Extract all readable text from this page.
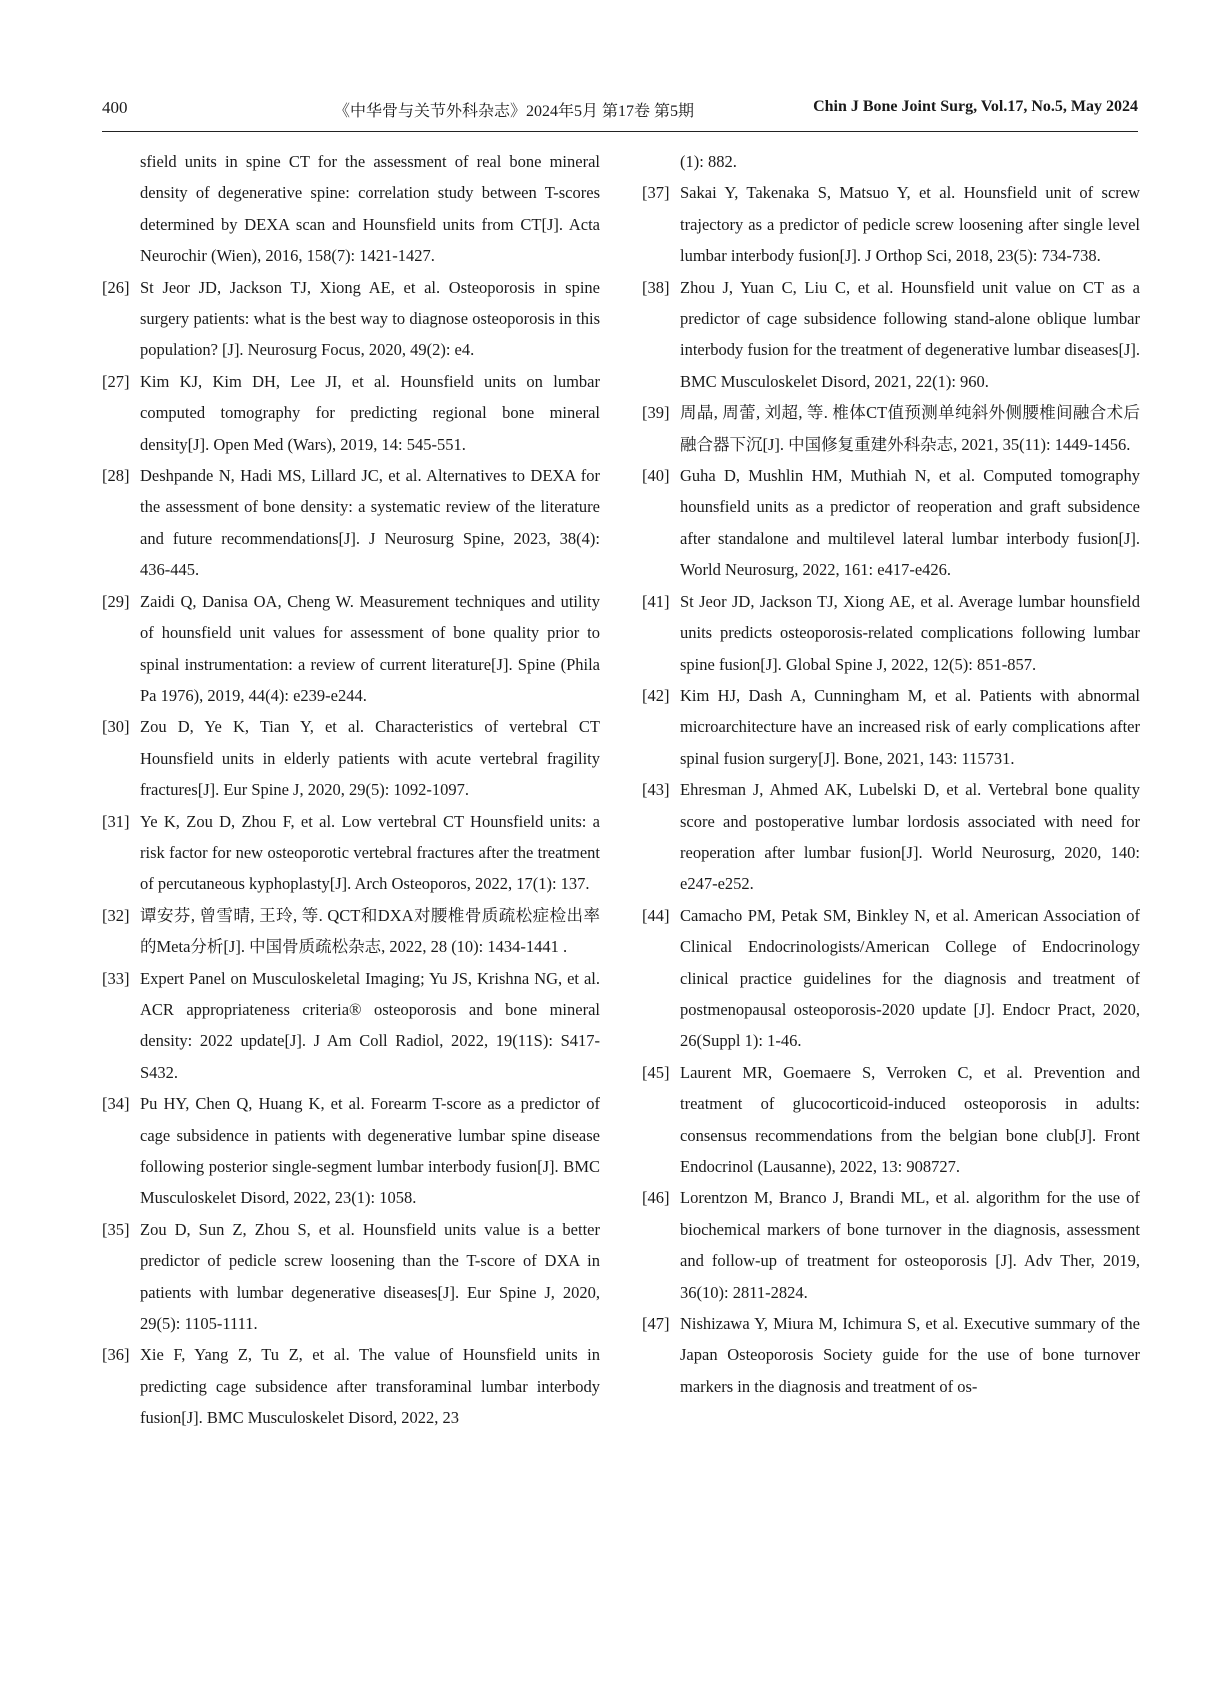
400	《中华骨与关节外科杂志》2024年5月 第17卷 第5期	Chin J Bone Joint Surg, Vol.17, No.5, May 2024
sfield units in spine CT for the assessment of real bone mineral density of degenerative spine: correlation study between T-scores determined by DEXA scan and Hounsfield units from CT[J]. Acta Neurochir (Wien), 2016, 158(7): 1421-1427.
[26] St Jeor JD, Jackson TJ, Xiong AE, et al. Osteoporosis in spine surgery patients: what is the best way to diagnose osteoporosis in this population? [J]. Neurosurg Focus, 2020, 49(2): e4.
[27] Kim KJ, Kim DH, Lee JI, et al. Hounsfield units on lumbar computed tomography for predicting regional bone mineral density[J]. Open Med (Wars), 2019, 14: 545-551.
[28] Deshpande N, Hadi MS, Lillard JC, et al. Alternatives to DEXA for the assessment of bone density: a systematic review of the literature and future recommendations[J]. J Neurosurg Spine, 2023, 38(4): 436-445.
[29] Zaidi Q, Danisa OA, Cheng W. Measurement techniques and utility of hounsfield unit values for assessment of bone quality prior to spinal instrumentation: a review of current literature[J]. Spine (Phila Pa 1976), 2019, 44(4): e239-e244.
[30] Zou D, Ye K, Tian Y, et al. Characteristics of vertebral CT Hounsfield units in elderly patients with acute vertebral fragility fractures[J]. Eur Spine J, 2020, 29(5): 1092-1097.
[31] Ye K, Zou D, Zhou F, et al. Low vertebral CT Hounsfield units: a risk factor for new osteoporotic vertebral fractures after the treatment of percutaneous kyphoplasty[J]. Arch Osteoporos, 2022, 17(1): 137.
[32] 谭安芬, 曾雪晴, 王玲, 等. QCT和DXA对腰椎骨质疏松症检出率的Meta分析[J]. 中国骨质疏松杂志, 2022, 28 (10): 1434-1441 .
[33] Expert Panel on Musculoskeletal Imaging; Yu JS, Krishna NG, et al. ACR appropriateness criteria® osteoporosis and bone mineral density: 2022 update[J]. J Am Coll Radiol, 2022, 19(11S): S417-S432.
[34] Pu HY, Chen Q, Huang K, et al. Forearm T-score as a predictor of cage subsidence in patients with degenerative lumbar spine disease following posterior single-segment lumbar interbody fusion[J]. BMC Musculoskelet Disord, 2022, 23(1): 1058.
[35] Zou D, Sun Z, Zhou S, et al. Hounsfield units value is a better predictor of pedicle screw loosening than the T-score of DXA in patients with lumbar degenerative diseases[J]. Eur Spine J, 2020, 29(5): 1105-1111.
[36] Xie F, Yang Z, Tu Z, et al. The value of Hounsfield units in predicting cage subsidence after transforaminal lumbar interbody fusion[J]. BMC Musculoskelet Disord, 2022, 23
(1): 882.
[37] Sakai Y, Takenaka S, Matsuo Y, et al. Hounsfield unit of screw trajectory as a predictor of pedicle screw loosening after single level lumbar interbody fusion[J]. J Orthop Sci, 2018, 23(5): 734-738.
[38] Zhou J, Yuan C, Liu C, et al. Hounsfield unit value on CT as a predictor of cage subsidence following stand-alone oblique lumbar interbody fusion for the treatment of degenerative lumbar diseases[J]. BMC Musculoskelet Disord, 2021, 22(1): 960.
[39] 周晶, 周蕾, 刘超, 等. 椎体CT值预测单纯斜外侧腰椎间融合术后融合器下沉[J]. 中国修复重建外科杂志, 2021, 35(11): 1449-1456.
[40] Guha D, Mushlin HM, Muthiah N, et al. Computed tomography hounsfield units as a predictor of reoperation and graft subsidence after standalone and multilevel lateral lumbar interbody fusion[J]. World Neurosurg, 2022, 161: e417-e426.
[41] St Jeor JD, Jackson TJ, Xiong AE, et al. Average lumbar hounsfield units predicts osteoporosis-related complications following lumbar spine fusion[J]. Global Spine J, 2022, 12(5): 851-857.
[42] Kim HJ, Dash A, Cunningham M, et al. Patients with abnormal microarchitecture have an increased risk of early complications after spinal fusion surgery[J]. Bone, 2021, 143: 115731.
[43] Ehresman J, Ahmed AK, Lubelski D, et al. Vertebral bone quality score and postoperative lumbar lordosis associated with need for reoperation after lumbar fusion[J]. World Neurosurg, 2020, 140: e247-e252.
[44] Camacho PM, Petak SM, Binkley N, et al. American Association of Clinical Endocrinologists/American College of Endocrinology clinical practice guidelines for the diagnosis and treatment of postmenopausal osteoporosis-2020 update [J]. Endocr Pract, 2020, 26(Suppl 1): 1-46.
[45] Laurent MR, Goemaere S, Verroken C, et al. Prevention and treatment of glucocorticoid-induced osteoporosis in adults: consensus recommendations from the belgian bone club[J]. Front Endocrinol (Lausanne), 2022, 13: 908727.
[46] Lorentzon M, Branco J, Brandi ML, et al. algorithm for the use of biochemical markers of bone turnover in the diagnosis, assessment and follow-up of treatment for osteoporosis [J]. Adv Ther, 2019, 36(10): 2811-2824.
[47] Nishizawa Y, Miura M, Ichimura S, et al. Executive summary of the Japan Osteoporosis Society guide for the use of bone turnover markers in the diagnosis and treatment of os-
